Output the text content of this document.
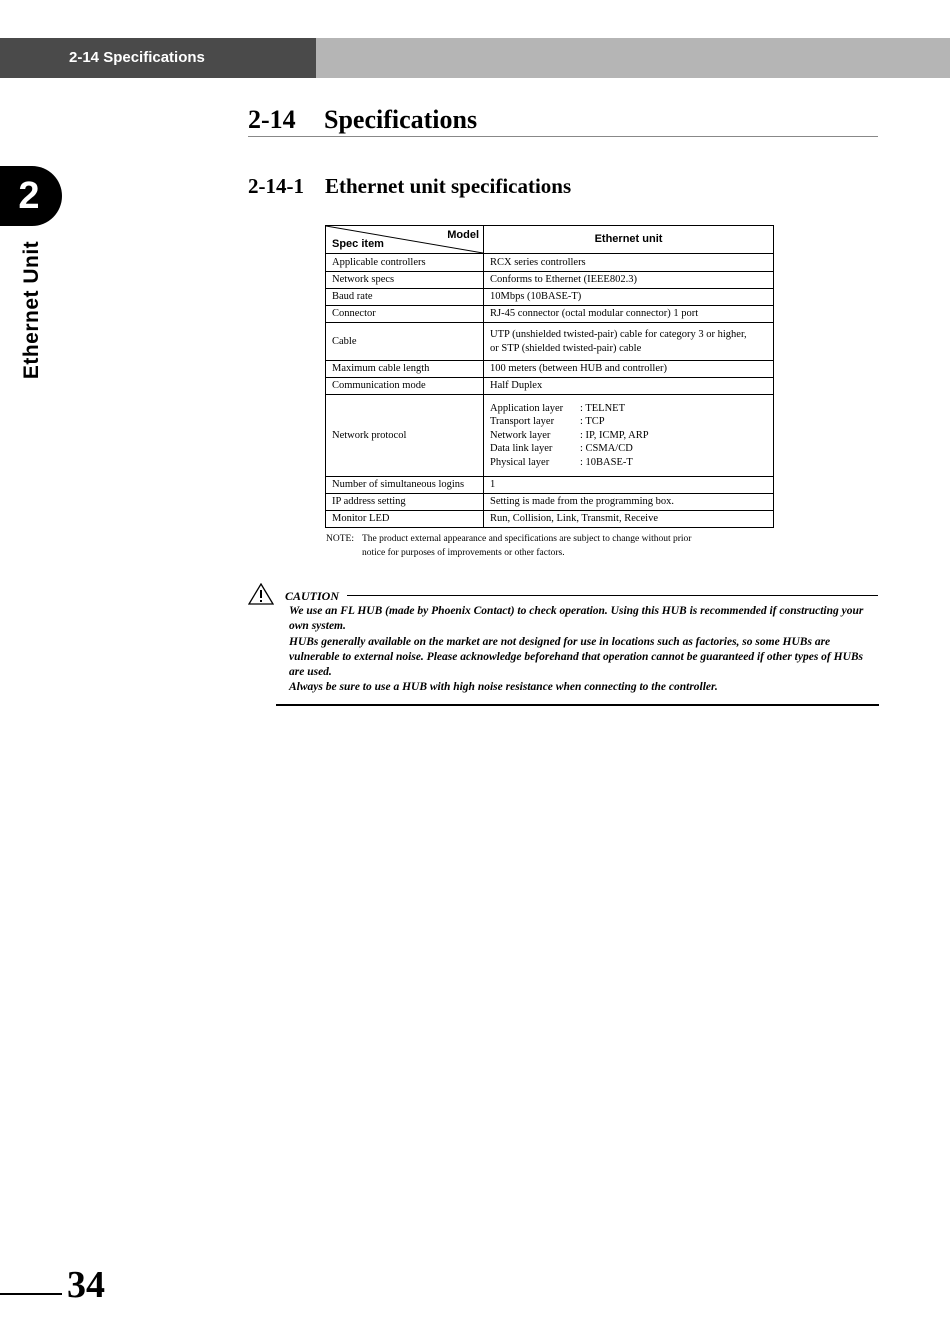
2-14 Specifications
2
Ethernet Unit
2-14 Specifications
2-14-1 Ethernet unit specifications
Model
Spec item	Ethernet unit
Applicable controllers	RCX series controllers
Network specs	Conforms to Ethernet (IEEE802.3)
Baud rate	10Mbps (10BASE-T)
Connector	RJ-45 connector (octal modular connector) 1 port
Cable	UTP (unshielded twisted-pair) cable for category 3 or higher,
or STP (shielded twisted-pair) cable

Maximum cable length	100 meters (between HUB and controller)
Communication mode	Half Duplex
Network protocol	Application layer : TELNET
Transport layer : TCP
Network layer : IP, ICMP, ARP
Data link layer : CSMA/CD
Physical layer : 10BASE-T

Number of simultaneous logins	1
IP address setting	Setting is made from the programming box.
Monitor LED	Run, Collision, Link, Transmit, Receive
NOTE: The product external appearance and specifications are subject to change without prior
notice for purposes of improvements or other factors.
CAUTION

We use an FL HUB (made by Phoenix Contact) to check operation. Using this HUB is recommended if constructing your own system.

HUBs generally available on the market are not designed for use in locations such as factories, so some HUBs are vulnerable to external noise. Please acknowledge beforehand that operation cannot be guaranteed if other types of HUBs are used.

Always be sure to use a HUB with high noise resistance when connecting to the controller.

34
